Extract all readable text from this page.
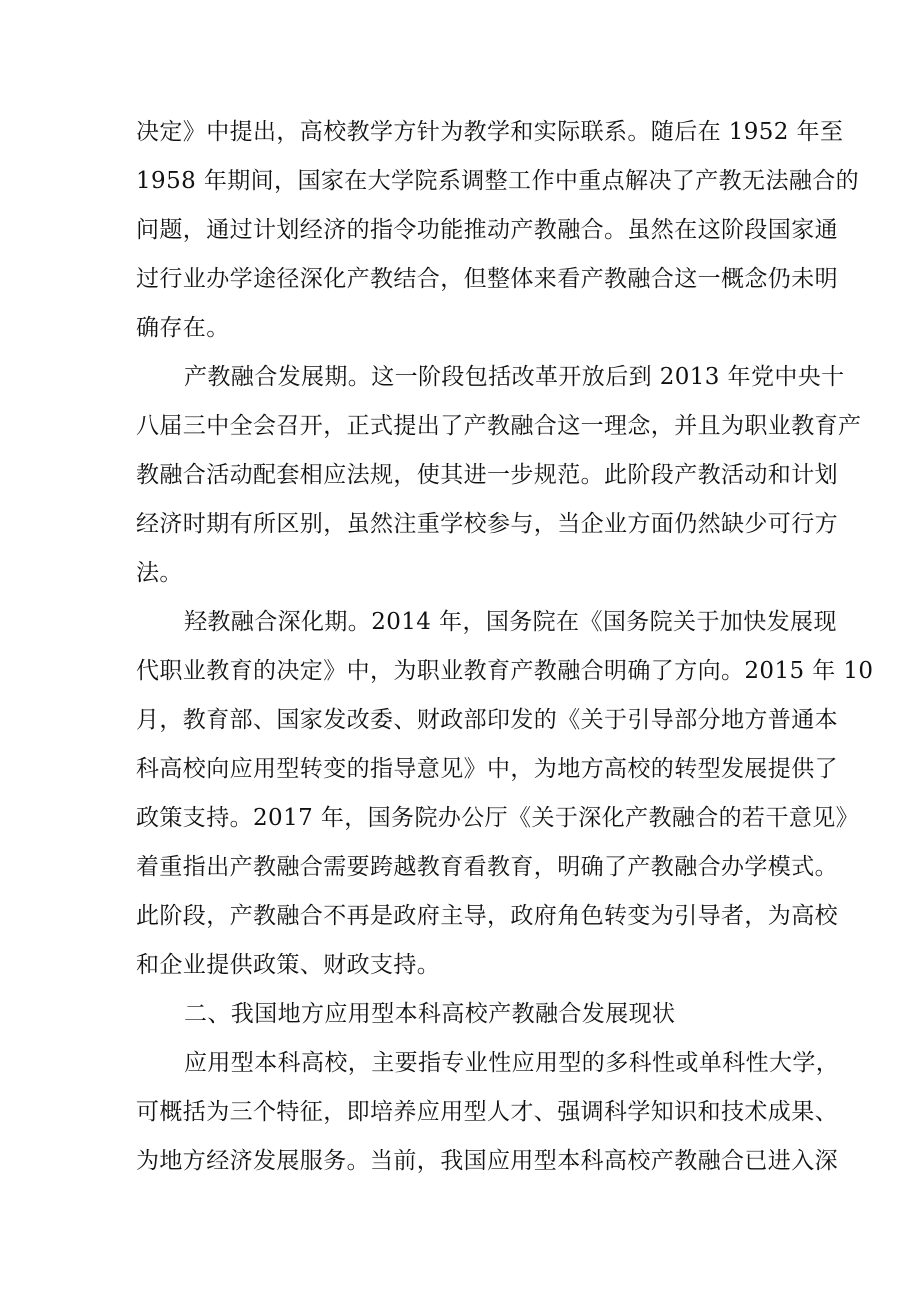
决定》中提出，高校教学方针为教学和实际联系。随后在 1952 年至
1958 年期间，国家在大学院系调整工作中重点解决了产教无法融合的
问题，通过计划经济的指令功能推动产教融合。虽然在这阶段国家通
过行业办学途径深化产教结合，但整体来看产教融合这一概念仍未明
确存在。
产教融合发展期。这一阶段包括改革开放后到 2013 年党中央十
八届三中全会召开，正式提出了产教融合这一理念，并且为职业教育产
教融合活动配套相应法规，使其进一步规范。此阶段产教活动和计划
经济时期有所区别，虽然注重学校参与，当企业方面仍然缺少可行方
法。
羟教融合深化期。2014 年，国务院在《国务院关于加快发展现
代职业教育的决定》中，为职业教育产教融合明确了方向。2015 年 10
月，教育部、国家发改委、财政部印发的《关于引导部分地方普通本
科高校向应用型转变的指导意见》中，为地方高校的转型发展提供了
政策支持。2017 年，国务院办公厅《关于深化产教融合的若干意见》
着重指出产教融合需要跨越教育看教育，明确了产教融合办学模式。
此阶段，产教融合不再是政府主导，政府角色转变为引导者，为高校
和企业提供政策、财政支持。
二、我国地方应用型本科高校产教融合发展现状
应用型本科高校，主要指专业性应用型的多科性或单科性大学，
可概括为三个特征，即培养应用型人才、强调科学知识和技术成果、
为地方经济发展服务。当前，我国应用型本科高校产教融合已进入深
